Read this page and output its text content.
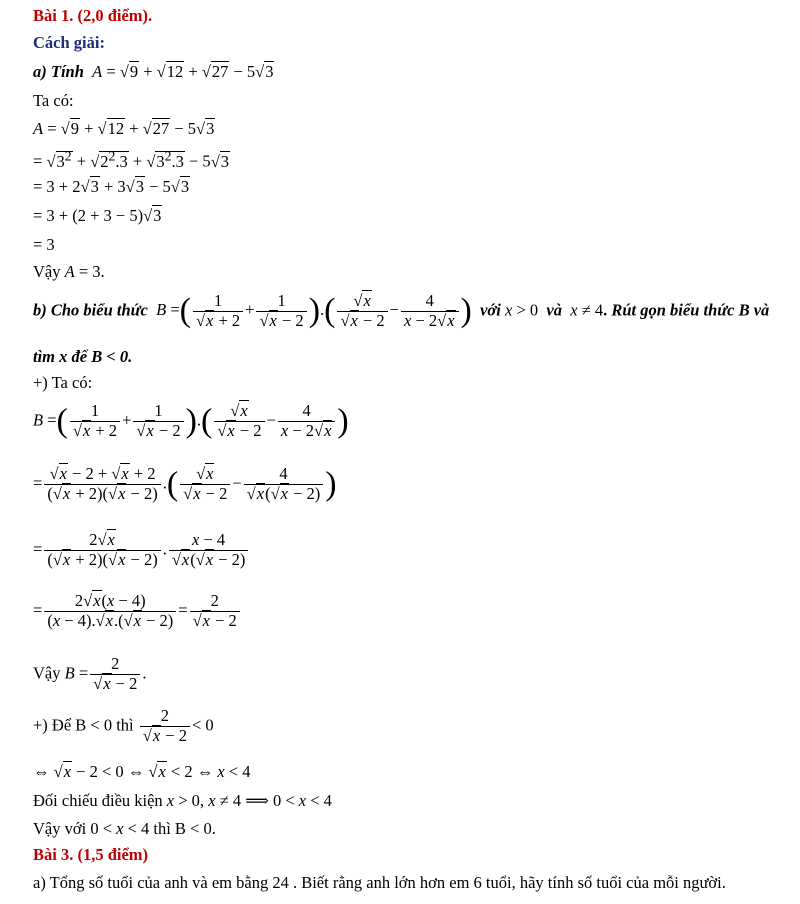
Bài 1. (2,0 điểm).
Cách giải:
a) Tính A = √ 9 + √ 12 + √ 27 − 5√ 3
Ta có:
A = √ 9 + √ 12 + √ 27 − 5√ 3
= √ $3^2$ + √ $2^2.3$ + √ $3^2.3 - 5√$ 3
= 3 + 2√ 3 + 3√ 3 − 5√ 3
= 3 + (2 + 3 − 5)√ 3
= 3
Vậy A = 3.
b) Cho biểu thức B =( 1
√ x + 2 + 1
√ x − 2 ).(
√ x
√ $x - 2 - \frac{4}{x - 2√ x}$ )  với x > 0  và  x ≠ 4. Rút gọn biểu thức B và
tìm x để B < 0.
+) Ta có:
B =( 1
√ x + 2 + 1
√ x − 2 ).(
√ x
√ $x - 2 - \frac{4}{x - 2√ x}$ )
=
√ $\frac{x - 2 + √ x + 2}{(√ x + 2)(√ x - 2)}$ .(
√ x
√ x − 2 − 4
√ x(√ x − 2) )
= $\frac{2√ x}{(√ x + 2)(√ x - 2)}$ . x − 4
√ x(√ x − 2)
= $\frac{2√ x(x - 4)}{(x - 4).√ x.(√ x - 2)} = 2$
√ x − 2
Vậy B = 2
√ x − 2 .
+) Để B < 0 thì 2
√ x − 2 < 0
⇔ √ x − 2 < 0 ⇔ √ x < 2 ⇔ x < 4
Đối chiếu điều kiện x > 0, x ≠ 4 ⟹ 0 < x < 4
Vậy với 0 < x < 4 thì B < 0.
Bài 3. (1,5 điểm)
a) Tổng số tuổi của anh và em bằng 24 . Biết rằng anh lớn hơn em 6 tuổi, hãy tính số tuổi của mỗi người.
